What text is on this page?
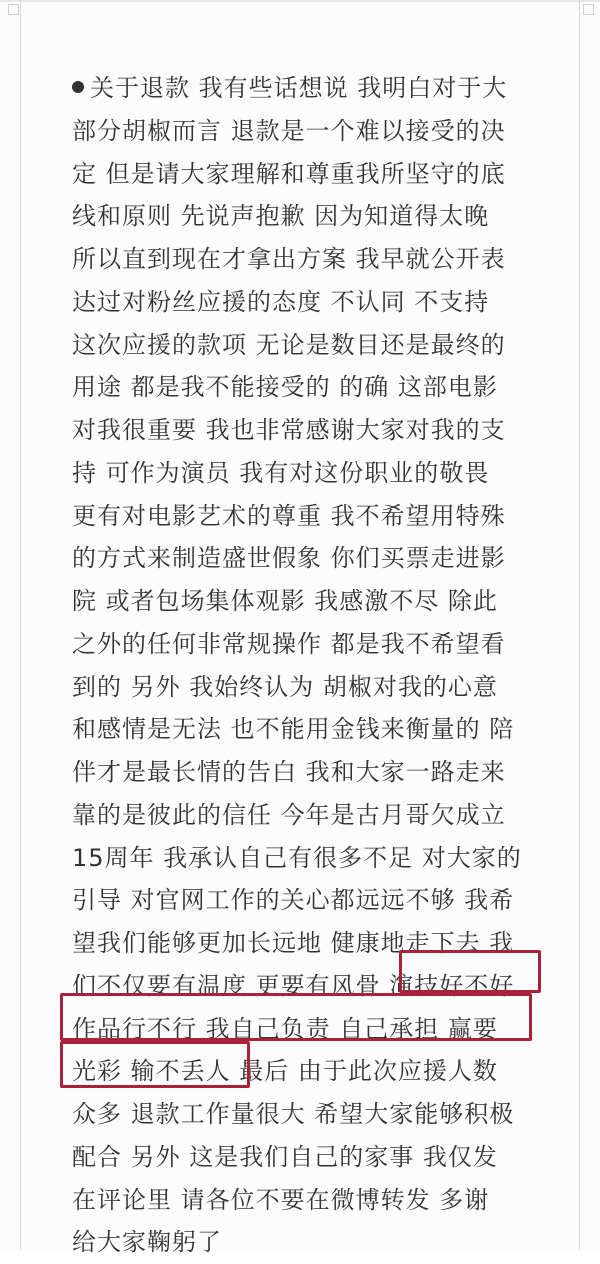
关于退款 我有些话想说 我明白对于大
部分胡椒而言 退款是一个难以接受的决
定 但是请大家理解和尊重我所坚守的底
线和原则 先说声抱歉 因为知道得太晚
所以直到现在才拿出方案 我早就公开表
达过对粉丝应援的态度 不认同 不支持
这次应援的款项 无论是数目还是最终的
用途 都是我不能接受的 的确 这部电影
对我很重要 我也非常感谢大家对我的支
持 可作为演员 我有对这份职业的敬畏
更有对电影艺术的尊重 我不希望用特殊
的方式来制造盛世假象 你们买票走进影
院 或者包场集体观影 我感激不尽 除此
之外的任何非常规操作 都是我不希望看
到的 另外 我始终认为 胡椒对我的心意
和感情是无法 也不能用金钱来衡量的 陪
伴才是最长情的告白 我和大家一路走来
靠的是彼此的信任 今年是古月哥欠成立
15周年 我承认自己有很多不足 对大家的
引导 对官网工作的关心都远远不够 我希
望我们能够更加长远地 健康地走下去 我
们不仅要有温度 更要有风骨 演技好不好
作品行不行 我自己负责 自己承担 赢要
光彩 输不丢人 最后 由于此次应援人数
众多 退款工作量很大 希望大家能够积极
配合 另外 这是我们自己的家事 我仅发
在评论里 请各位不要在微博转发 多谢
给大家鞠躬了
